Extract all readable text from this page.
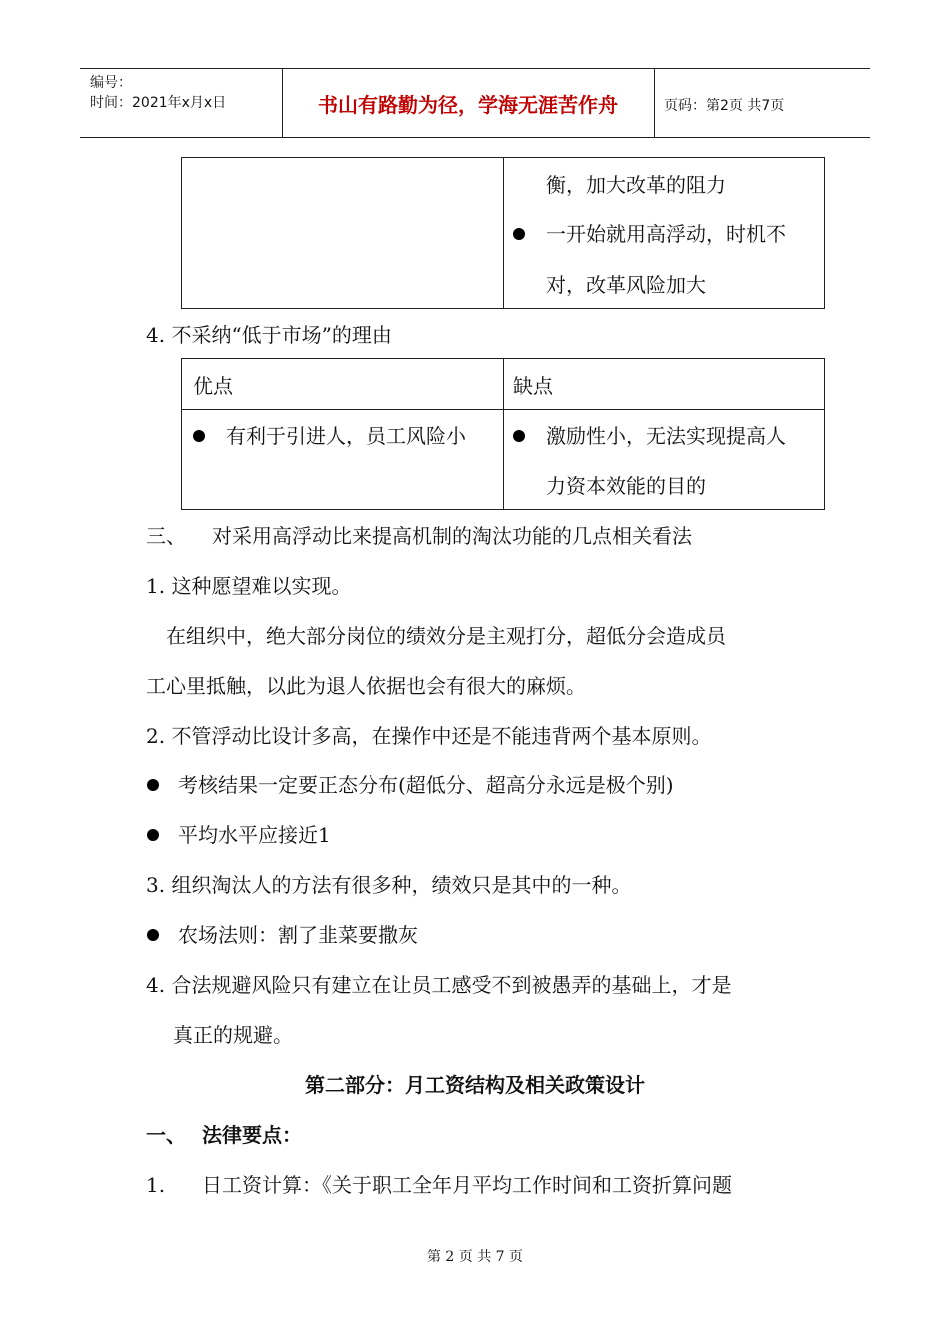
编号：
时间：2021年x月x日	书山有路勤为径，学海无涯苦作舟	页码：第2页 共7页
衡，加大改革的阻力
一开始就用高浮动，时机不
对，改革风险加大
4. 不采纳“低于市场”的理由
优点	缺点
有利于引进人，员工风险小	激励性小，无法实现提高人
力资本效能的目的
三、 对采用高浮动比来提高机制的淘汰功能的几点相关看法
1. 这种愿望难以实现。
在组织中，绝大部分岗位的绩效分是主观打分，超低分会造成员
工心里抵触，以此为退人依据也会有很大的麻烦。
2. 不管浮动比设计多高，在操作中还是不能违背两个基本原则。
考核结果一定要正态分布(超低分、超高分永远是极个别)
平均水平应接近1
3. 组织淘汰人的方法有很多种，绩效只是其中的一种。
农场法则：割了韭菜要撒灰
4. 合法规避风险只有建立在让员工感受不到被愚弄的基础上，才是
真正的规避。
第二部分：月工资结构及相关政策设计
一、 法律要点：
1. 日工资计算：《关于职工全年月平均工作时间和工资折算问题
第 2 页 共 7 页
